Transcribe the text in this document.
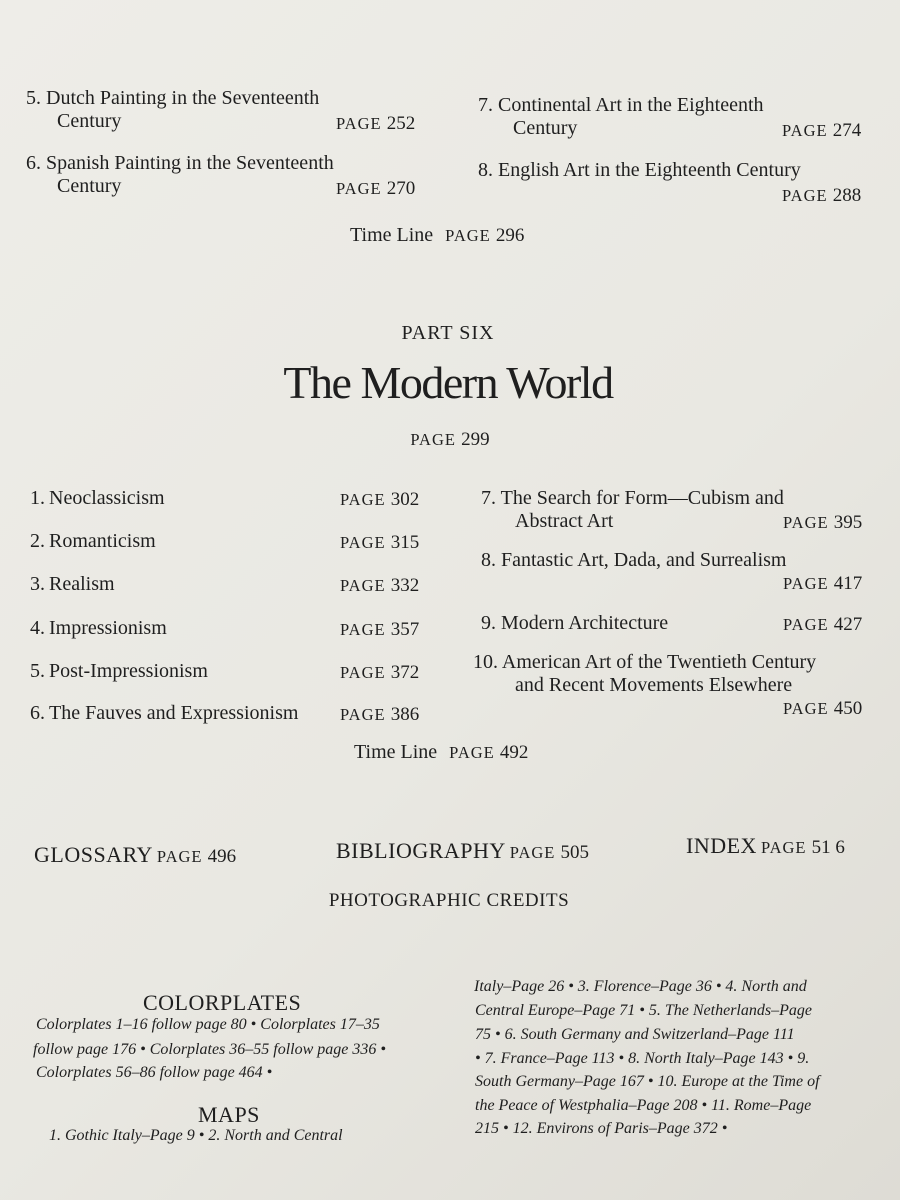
5. Dutch Painting in the Seventeenth
Century	PAGE 252
6. Spanish Painting in the Seventeenth
Century	PAGE 270
7. Continental Art in the Eighteenth
Century	PAGE 274
8. English Art in the Eighteenth Century
PAGE 288
Time Line PAGE 296
PART SIX
The Modern World
PAGE 299
1. Neoclassicism	PAGE 302
2. Romanticism	PAGE 315
3. Realism	PAGE 332
4. Impressionism	PAGE 357
5. Post-Impressionism	PAGE 372
6. The Fauves and Expressionism	PAGE 386
7. The Search for Form—Cubism and
Abstract Art	PAGE 395
8. Fantastic Art, Dada, and Surrealism
PAGE 417
9. Modern Architecture	PAGE 427
10. American Art of the Twentieth Century
and Recent Movements Elsewhere
PAGE 450
Time Line PAGE 492
GLOSSARY PAGE 496	BIBLIOGRAPHY PAGE 505	INDEX PAGE 51 6
PHOTOGRAPHIC CREDITS
COLORPLATES
Colorplates 1–16 follow page 80 • Colorplates 17–35
follow page 176 • Colorplates 36–55 follow page 336 •
Colorplates 56–86 follow page 464 •
MAPS
1. Gothic Italy–Page 9 • 2. North and Central
Italy–Page 26 • 3. Florence–Page 36 • 4. North and
Central Europe–Page 71 • 5. The Netherlands–Page
75 • 6. South Germany and Switzerland–Page 111
• 7. France–Page 113 • 8. North Italy–Page 143 • 9.
South Germany–Page 167 • 10. Europe at the Time of
the Peace of Westphalia–Page 208 • 11. Rome–Page
215 • 12. Environs of Paris–Page 372 •
